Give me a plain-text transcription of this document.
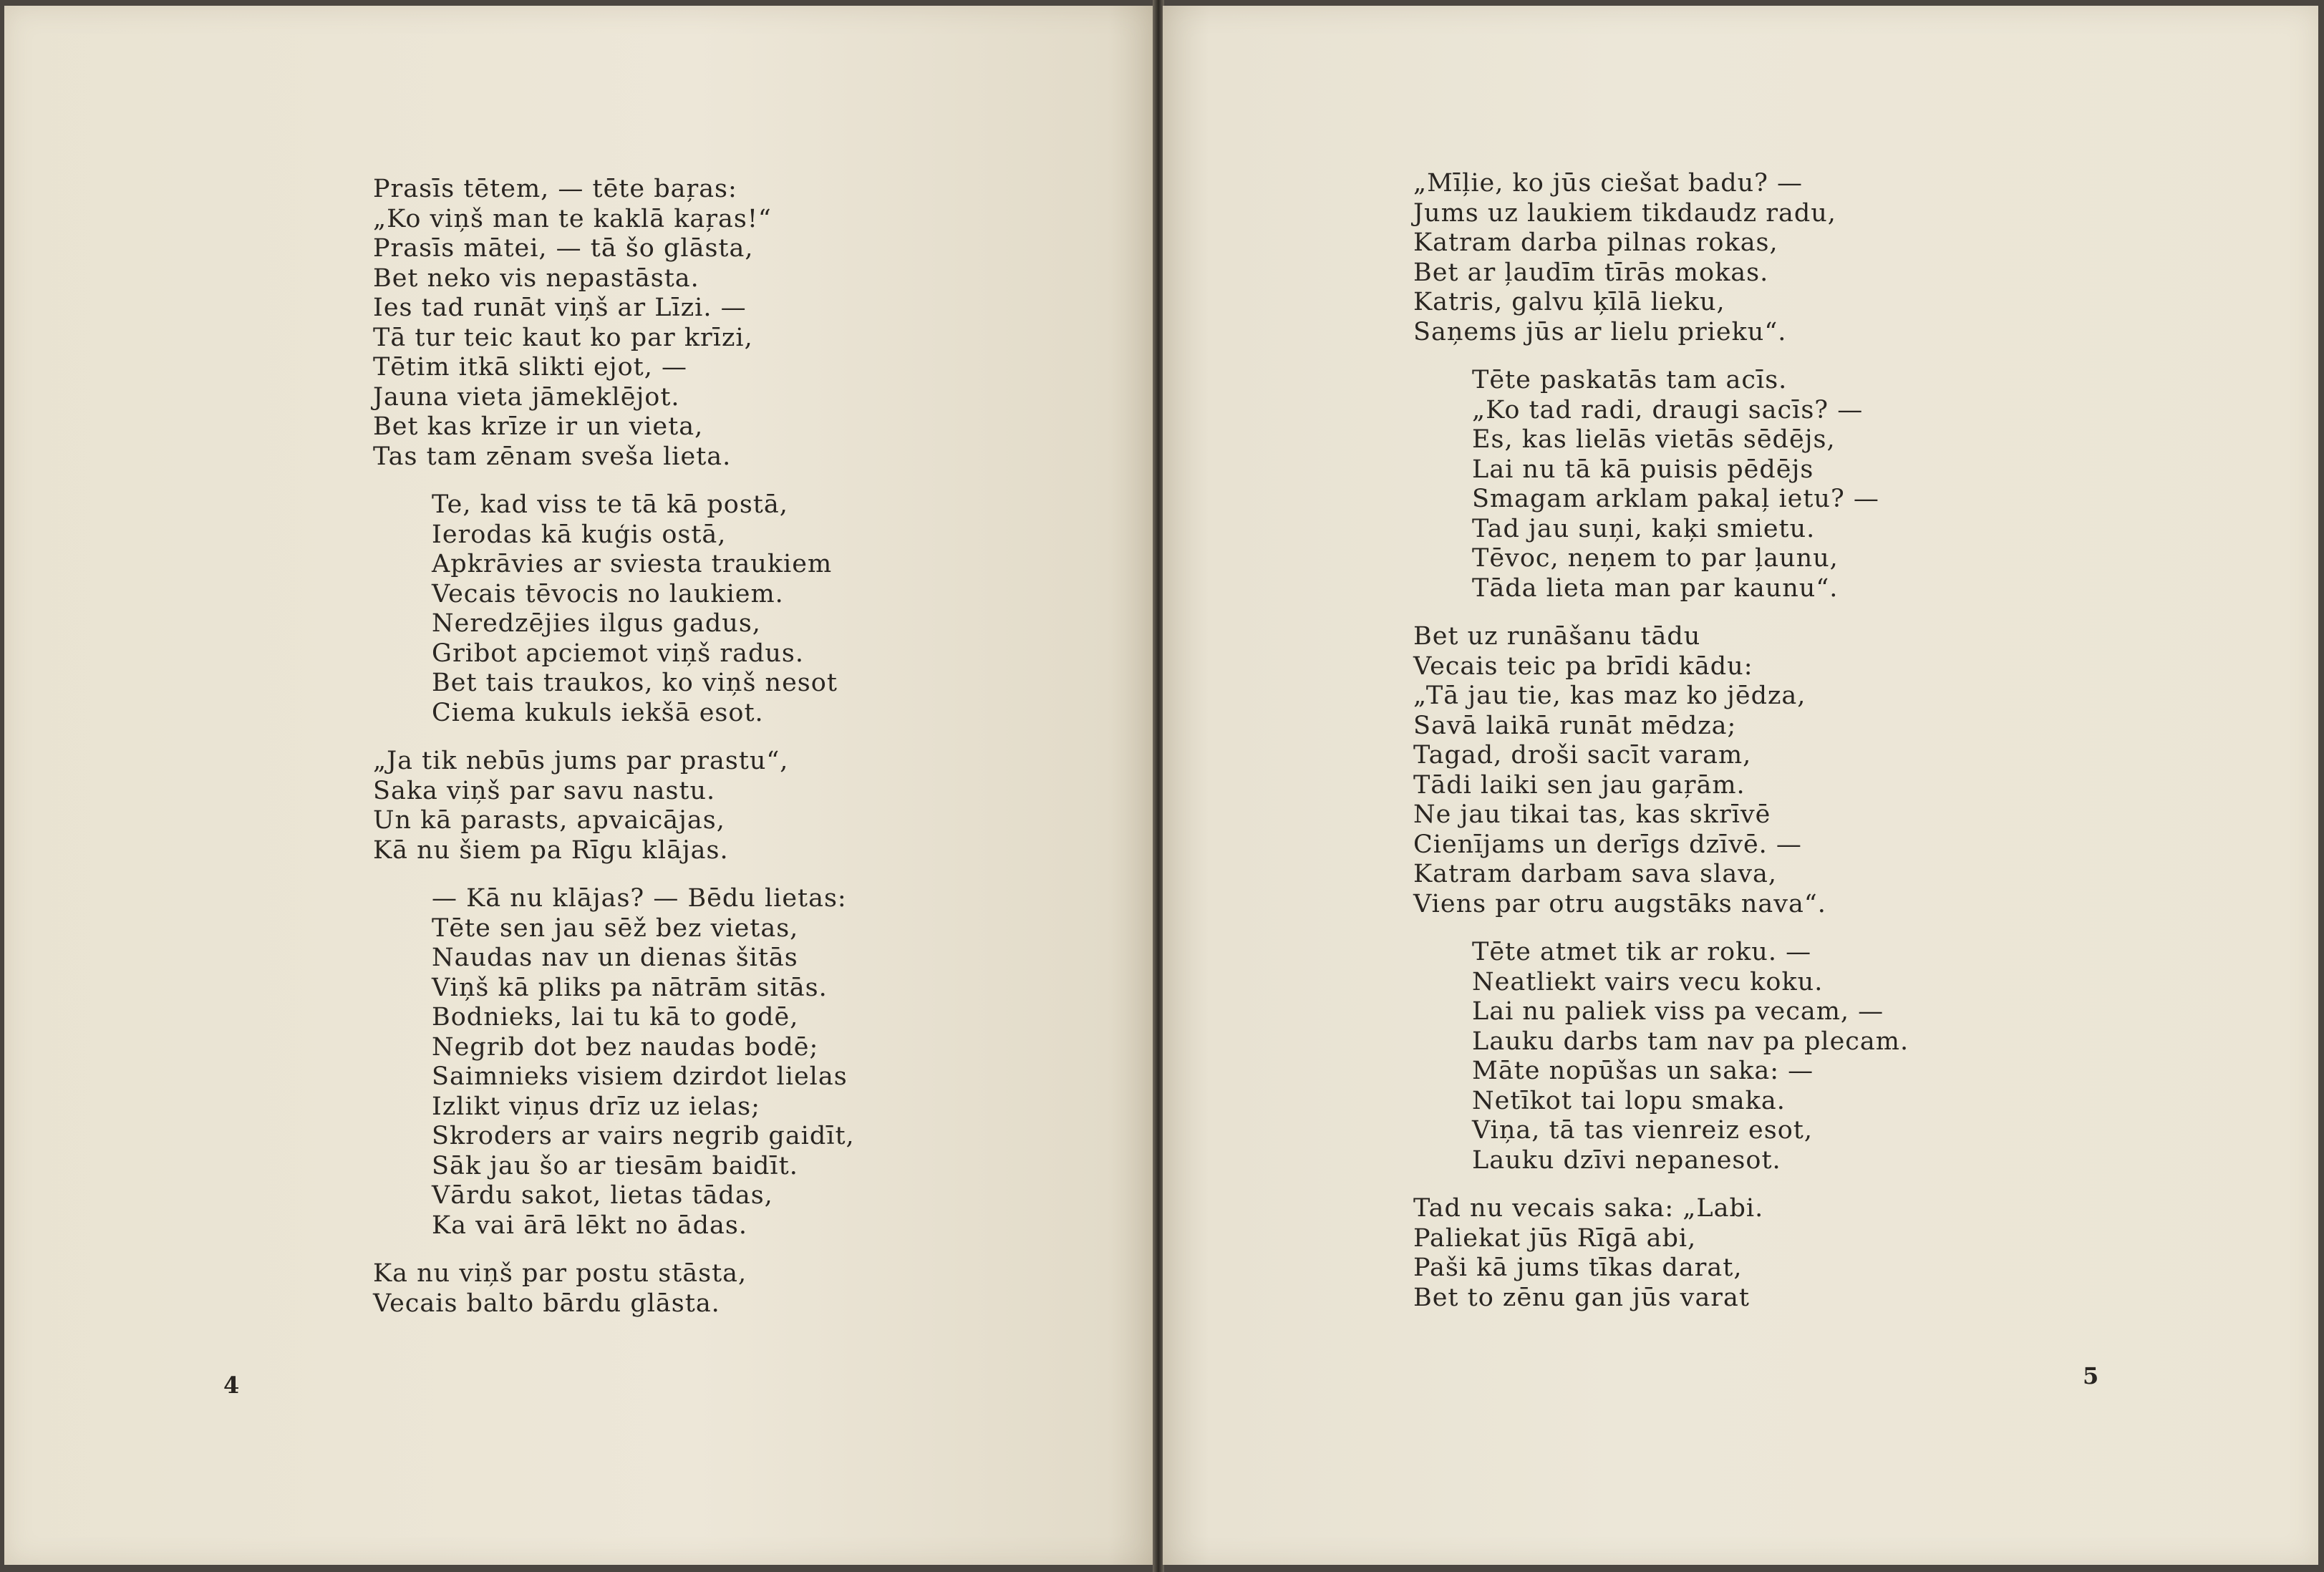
Prasīs tētem, — tēte baŗas:
„Ko viņš man te kaklā kaŗas!“
Prasīs mātei, — tā šo glāsta,
Bet neko vis nepastāsta.
Ies tad runāt viņš ar Līzi. —
Tā tur teic kaut ko par krīzi,
Tētim itkā slikti ejot, —
Jauna vieta jāmeklējot.
Bet kas krīze ir un vieta,
Tas tam zēnam sveša lieta.
Te, kad viss te tā kā postā,
Ierodas kā kuģis ostā,
Apkrāvies ar sviesta traukiem
Vecais tēvocis no laukiem.
Neredzējies ilgus gadus,
Gribot apciemot viņš radus.
Bet tais traukos, ko viņš nesot
Ciema kukuls iekšā esot.
„Ja tik nebūs jums par prastu“,
Saka viņš par savu nastu.
Un kā parasts, apvaicājas,
Kā nu šiem pa Rīgu klājas.
— Kā nu klājas? — Bēdu lietas:
Tēte sen jau sēž bez vietas,
Naudas nav un dienas šitās
Viņš kā pliks pa nātrām sitās.
Bodnieks, lai tu kā to godē,
Negrib dot bez naudas bodē;
Saimnieks visiem dzirdot lielas
Izlikt viņus drīz uz ielas;
Skroders ar vairs negrib gaidīt,
Sāk jau šo ar tiesām baidīt.
Vārdu sakot, lietas tādas,
Ka vai ārā lēkt no ādas.
Ka nu viņš par postu stāsta,
Vecais balto bārdu glāsta.
4
„Mīļie, ko jūs ciešat badu? —
Jums uz laukiem tikdaudz radu,
Katram darba pilnas rokas,
Bet ar ļaudīm tīrās mokas.
Katris, galvu ķīlā lieku,
Saņems jūs ar lielu prieku“.
Tēte paskatās tam acīs.
„Ko tad radi, draugi sacīs? —
Es, kas lielās vietās sēdējs,
Lai nu tā kā puisis pēdējs
Smagam arklam pakaļ ietu? —
Tad jau suņi, kaķi smietu.
Tēvoc, neņem to par ļaunu,
Tāda lieta man par kaunu“.
Bet uz runāšanu tādu
Vecais teic pa brīdi kādu:
„Tā jau tie, kas maz ko jēdza,
Savā laikā runāt mēdza;
Tagad, droši sacīt varam,
Tādi laiki sen jau gaŗām.
Ne jau tikai tas, kas skrīvē
Cienījams un derīgs dzīvē. —
Katram darbam sava slava,
Viens par otru augstāks nava“.
Tēte atmet tik ar roku. —
Neatliekt vairs vecu koku.
Lai nu paliek viss pa vecam, —
Lauku darbs tam nav pa plecam.
Māte nopūšas un saka: —
Netīkot tai lopu smaka.
Viņa, tā tas vienreiz esot,
Lauku dzīvi nepanesot.
Tad nu vecais saka: „Labi.
Paliekat jūs Rīgā abi,
Paši kā jums tīkas darat,
Bet to zēnu gan jūs varat
5
